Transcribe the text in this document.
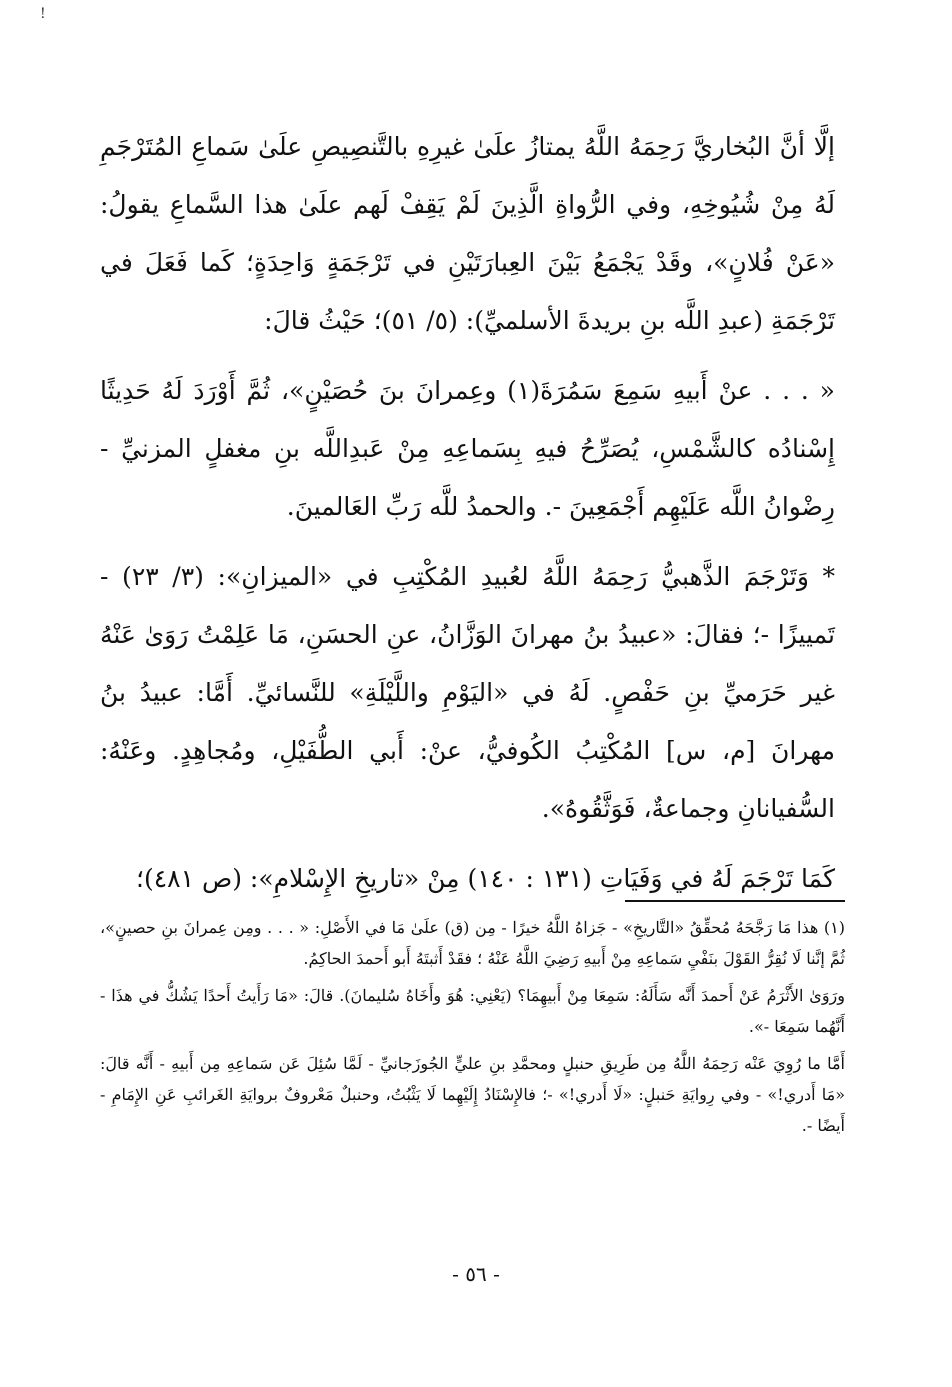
!

إلَّا أنَّ البُخاريَّ رَحِمَهُ اللَّهُ يمتازُ علَىٰ غيرِهِ بالتَّنصِيصِ علَىٰ سَماعِ المُتَرْجَمِ لَهُ مِنْ شُيُوخِهِ، وفي الرُّواةِ الَّذِينَ لَمْ يَقِفْ لَهم علَىٰ هذا السَّماعِ يقولُ: «عَنْ فُلانٍ»، وقَدْ يَجْمَعُ بَيْنَ العِبارَتَيْنِ في تَرْجَمَةٍ وَاحِدَةٍ؛ كَما فَعَلَ في تَرْجَمَةِ (عبدِ اللَّه بنِ بريدةَ الأسلميِّ): (٥/ ٥١)؛ حَيْثُ قالَ:

« . . . عنْ أَبيهِ سَمِعَ سَمُرَةَ(١) وعِمرانَ بنَ حُصَيْنٍ»، ثُمَّ أَوْرَدَ لَهُ حَدِيثًا إِسْنادُه كالشَّمْسِ، يُصَرِّحُ فيهِ بِسَماعِهِ مِنْ عَبدِاللَّه بنِ مغفلٍ المزنيِّ - رِضْوانُ اللَّه عَلَيْهِم أَجْمَعِينَ -. والحمدُ للَّه رَبِّ العَالمينَ.

* وَتَرْجَمَ الذَّهبيُّ رَحِمَهُ اللَّهُ لعُبيدِ المُكْتِبِ في «الميزانِ»: (٣/ ٢٣) - تَمييزًا -؛ فقالَ: «عبيدُ بنُ مهرانَ الوَزَّانُ، عنِ الحسَنِ، مَا عَلِمْتُ رَوَىٰ عَنْهُ غير حَرَميِّ بنِ حَفْصٍ. لَهُ في «اليَوْمِ واللَّيْلَةِ» للنَّسائيِّ. أَمَّا: عبيدُ بنُ مهرانَ [م، س] المُكْتِبُ الكُوفيُّ، عنْ: أَبي الطُّفَيْلِ، ومُجاهِدٍ. وعَنْهُ: السُّفيانانِ وجماعةٌ، فَوَثَّقُوهُ».

كَمَا تَرْجَمَ لَهُ في وَفَيَاتِ (١٣١ : ١٤٠) مِنْ «تاريخِ الإِسْلامِ»: (ص ٤٨١)؛

(١) هذا مَا رَجَّحَهُ مُحقِّقُ «التَّاريخِ» - جَزاهُ اللَّهُ خيرًا - مِن (ق) علَىٰ مَا في الأَصْلِ: « . . . ومِن عِمرانَ بنِ حصينٍ»، ثُمَّ إنَّنا لَا نُقِرُّ القَوْلَ بنَفْيِ سَماعِهِ مِنْ أَبيهِ رَضِيَ اللَّهُ عَنْهُ ؛ فقَدْ أَثبتَهُ أَبو أَحمدَ الحاكِمُ.

ورَوَىٰ الأَثْرَمُ عَنْ أَحمدَ أَنَّه سَأَلَهُ: سَمِعَا مِنْ أَبيهِمَا؟ (يَعْنِي: هُوَ وأَخَاهُ سُليمانَ). قالَ: «مَا رَأَيتُ أَحدًا يَشُكُّ في هذَا - أَنَّهُما سَمِعَا -».

أَمَّا ما رُوِيَ عَنْه رَحِمَهُ اللَّهُ مِن طَرِيقِ حنبلٍ ومحمَّدِ بنِ عليٍّ الجُوزَجانيِّ - لَمَّا سُئِلَ عَن سَماعِهِ مِن أَبيهِ - أَنَّه قالَ: «مَا أَدري!» - وفي رِوايَةِ حَنبلٍ: «لَا أَدري!» -؛ فالإِسْنَادُ إِلَيْهِما لَا يَثْبُتُ، وحنبلٌ مَعْروفٌ بروايَةِ الغَرائبِ عَنِ الإِمَامِ - أَيضًا -.

- ٥٦ -
